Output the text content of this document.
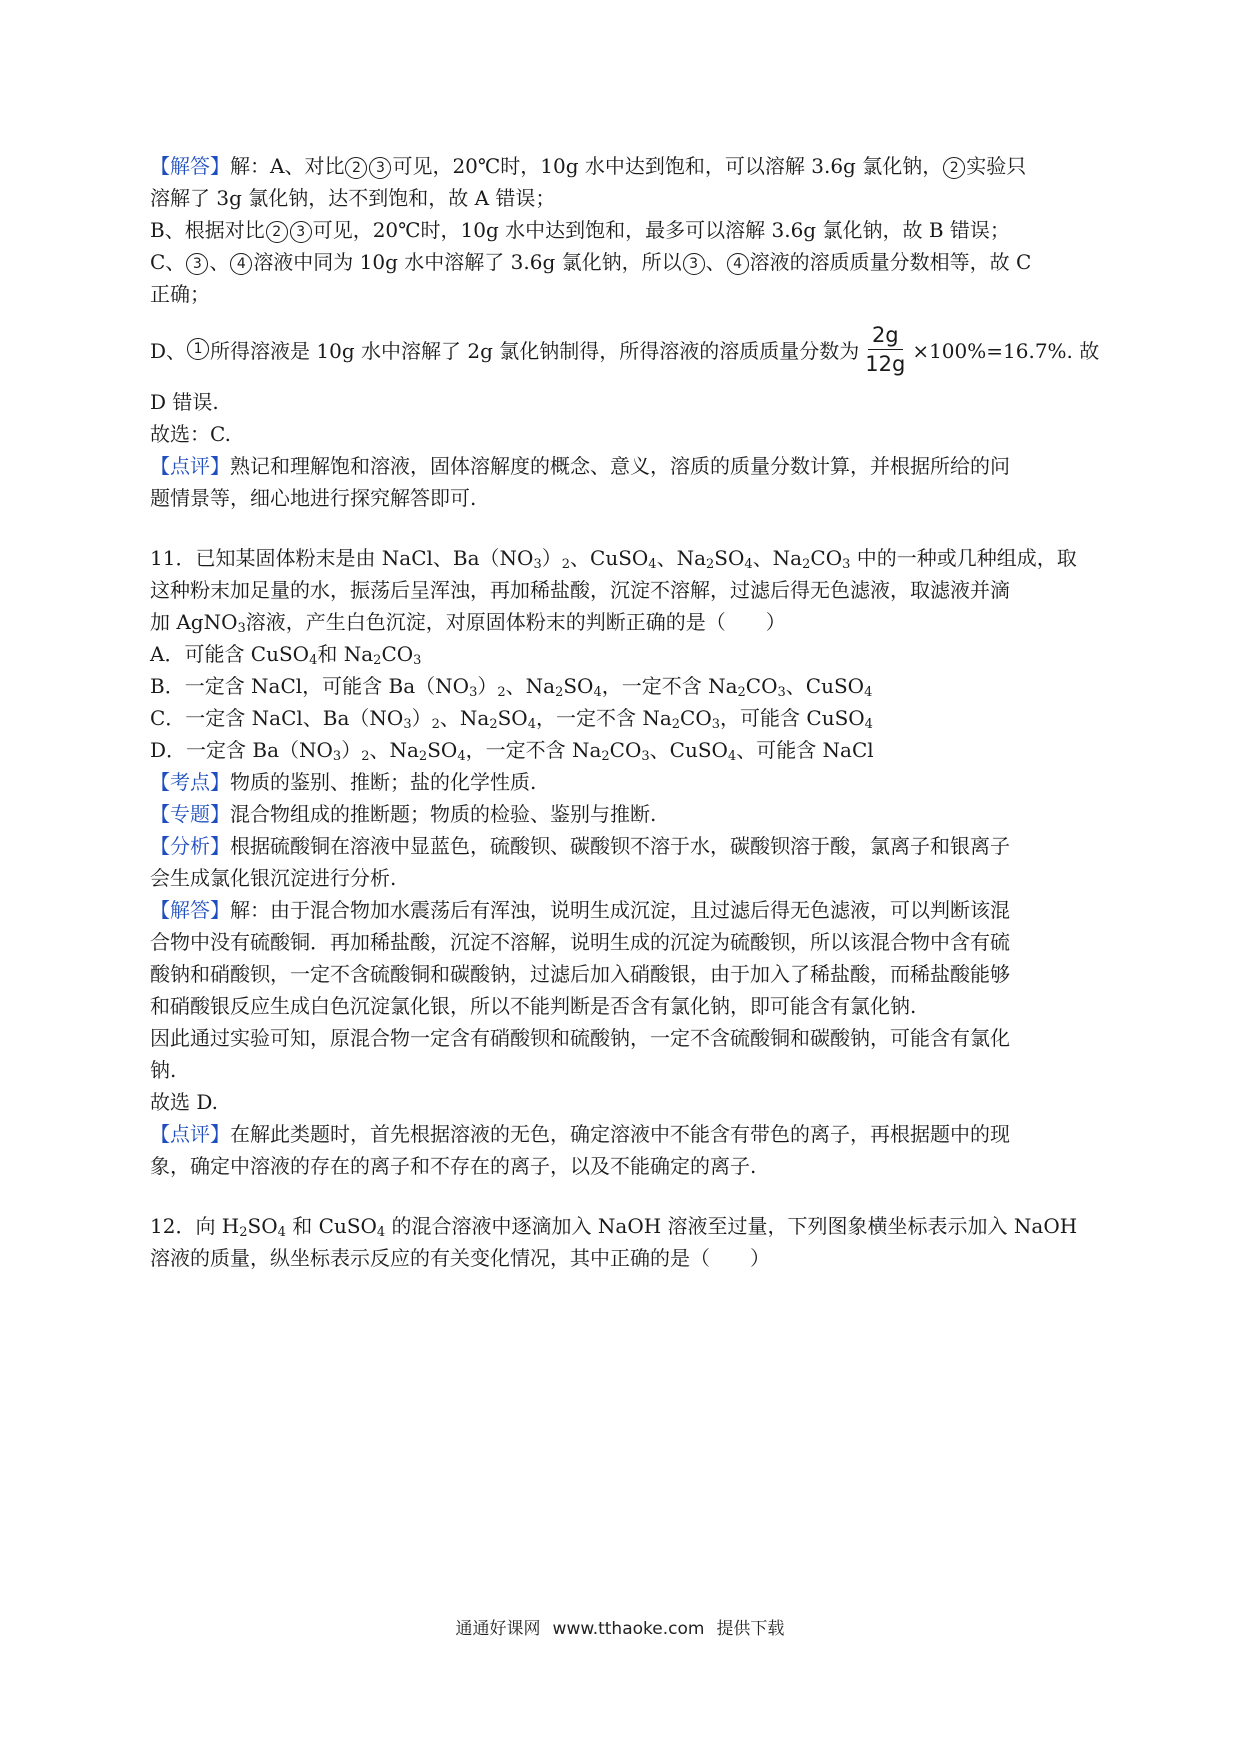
【解答】解：A、对比 2 3 可见，20℃时，10g 水中达到饱和，可以溶解 3.6g 氯化钠， 2 实验只

溶解了 3g 氯化钠，达不到饱和，故 A 错误；

B、根据对比 2 3 可见，20℃时，10g 水中达到饱和，最多可以溶解 3.6g 氯化钠，故 B 错误；

C、 3 、 4 溶液中同为 10g 水中溶解了 3.6g 氯化钠，所以 3 、 4 溶液的溶质质量分数相等，故 C

正确；

D、 1 所得溶液是 10g 水中溶解了 2g 氯化钠制得，所得溶液的溶质质量分数为 $\frac{2g}{12g} \times 100\%=16.7\%$. 故

D 错误.

故选：C.

【点评】熟记和理解饱和溶液，固体溶解度的概念、意义，溶质的质量分数计算，并根据所给的问

题情景等，细心地进行探究解答即可.

11．已知某固体粉末是由 NaCl、$Ba(NO_3)_2$、CuSO$_4$、$Na_2SO_4$、$Na_2CO_3$ 中的一种或几种组成，取

这种粉末加足量的水，振荡后呈浑浊，再加稀盐酸，沉淀不溶解，过滤后得无色滤液，取滤液并滴

加 AgNO$_3$溶液，产生白色沉淀，对原固体粉末的判断正确的是（　　）

A．可能含 CuSO$_4$和 $Na_2CO_3$

B．一定含 NaCl，可能含 $Ba(NO_3)_2$、$Na_2SO_4$，一定不含 $Na_2CO_3$、CuSO$_4$

C．一定含 NaCl、$Ba(NO_3)_2$、$Na_2SO_4$，一定不含 $Na_2CO_3$，可能含 CuSO$_4$

D．一定含 $Ba(NO_3)_2$、$Na_2SO_4$，一定不含 $Na_2CO_3$、CuSO$_4$、可能含 NaCl

【考点】物质的鉴别、推断；盐的化学性质.

【专题】混合物组成的推断题；物质的检验、鉴别与推断.

【分析】根据硫酸铜在溶液中显蓝色，硫酸钡、碳酸钡不溶于水，碳酸钡溶于酸，氯离子和银离子

会生成氯化银沉淀进行分析.

【解答】解：由于混合物加水震荡后有浑浊，说明生成沉淀，且过滤后得无色滤液，可以判断该混

合物中没有硫酸铜．再加稀盐酸，沉淀不溶解，说明生成的沉淀为硫酸钡，所以该混合物中含有硫

酸钠和硝酸钡，一定不含硫酸铜和碳酸钠，过滤后加入硝酸银，由于加入了稀盐酸，而稀盐酸能够

和硝酸银反应生成白色沉淀氯化银，所以不能判断是否含有氯化钠，即可能含有氯化钠.

因此通过实验可知，原混合物一定含有硝酸钡和硫酸钠，一定不含硫酸铜和碳酸钠，可能含有氯化

钠.

故选 D.

【点评】在解此类题时，首先根据溶液的无色，确定溶液中不能含有带色的离子，再根据题中的现

象，确定中溶液的存在的离子和不存在的离子，以及不能确定的离子.

12．向 $H_2SO_4$ 和 CuSO$_4$ 的混合溶液中逐滴加入 NaOH 溶液至过量，下列图象横坐标表示加入 NaOH

溶液的质量，纵坐标表示反应的有关变化情况，其中正确的是（　　）

通通好课网 www.tthaoke.com 提供下载
